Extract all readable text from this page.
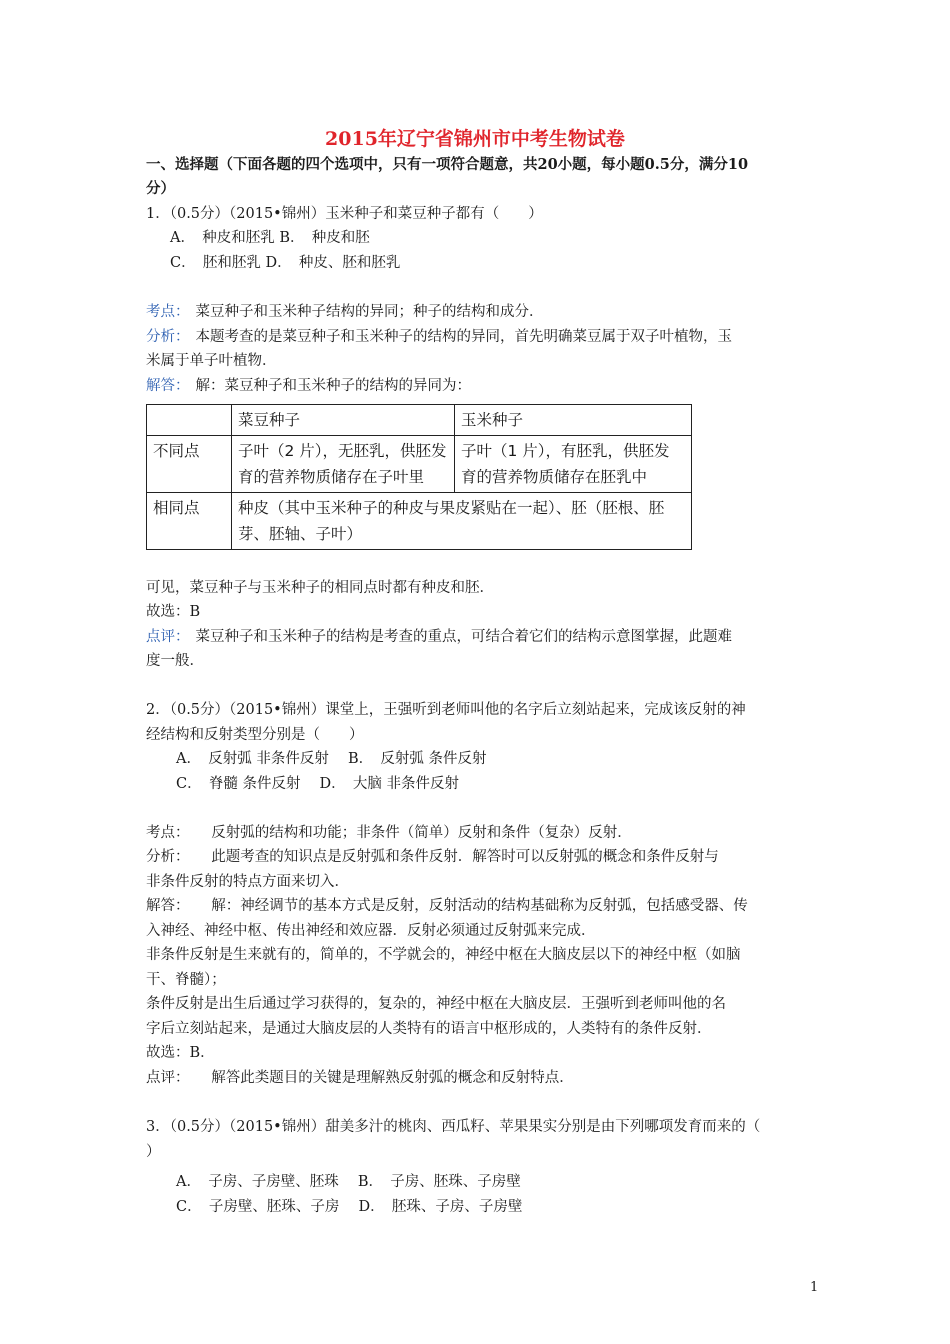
2015年辽宁省锦州市中考生物试卷
一、选择题（下面各题的四个选项中，只有一项符合题意，共20小题，每小题0.5分，满分10
分）
1．（0.5分）（2015•锦州）玉米种子和菜豆种子都有（　　）
A．　种皮和胚乳 B．　种皮和胚
C．　胚和胚乳 D．　种皮、胚和胚乳
考点： 菜豆种子和玉米种子结构的异同；种子的结构和成分．
分析： 本题考查的是菜豆种子和玉米种子的结构的异同，首先明确菜豆属于双子叶植物，玉
米属于单子叶植物．
解答： 解：菜豆种子和玉米种子的结构的异同为：
	菜豆种子	玉米种子
不同点	子叶（2 片），无胚乳，供胚发育的营养物质储存在子叶里	子叶（1 片），有胚乳，供胚发育的营养物质储存在胚乳中
相同点	种皮（其中玉米种子的种皮与果皮紧贴在一起）、胚（胚根、胚芽、胚轴、子叶）	
可见，菜豆种子与玉米种子的相同点时都有种皮和胚．
故选：B
点评： 菜豆种子和玉米种子的结构是考查的重点，可结合着它们的结构示意图掌握，此题难
度一般．
2．（0.5分）（2015•锦州）课堂上，王强听到老师叫他的名字后立刻站起来，完成该反射的神
经结构和反射类型分别是（　　）
A．　反射弧 非条件反射　 B．　反射弧 条件反射
C．　脊髓 条件反射　 D．　大脑 非条件反射
考点：　　反射弧的结构和功能；非条件（简单）反射和条件（复杂）反射．
分析：　　此题考查的知识点是反射弧和条件反射．解答时可以反射弧的概念和条件反射与
非条件反射的特点方面来切入．
解答：　　解：神经调节的基本方式是反射，反射活动的结构基础称为反射弧，包括感受器、传
入神经、神经中枢、传出神经和效应器．反射必须通过反射弧来完成．
非条件反射是生来就有的，简单的，不学就会的，神经中枢在大脑皮层以下的神经中枢（如脑
干、脊髓）；
条件反射是出生后通过学习获得的，复杂的，神经中枢在大脑皮层．王强听到老师叫他的名
字后立刻站起来，是通过大脑皮层的人类特有的语言中枢形成的，人类特有的条件反射．
故选：B．
点评：　　解答此类题目的关键是理解熟反射弧的概念和反射特点．
3．（0.5分）（2015•锦州）甜美多汁的桃肉、西瓜籽、苹果果实分别是由下列哪项发育而来的（
）
A．　子房、子房壁、胚珠　 B．　子房、胚珠、子房壁
C．　子房壁、胚珠、子房　 D．　胚珠、子房、子房壁
1
